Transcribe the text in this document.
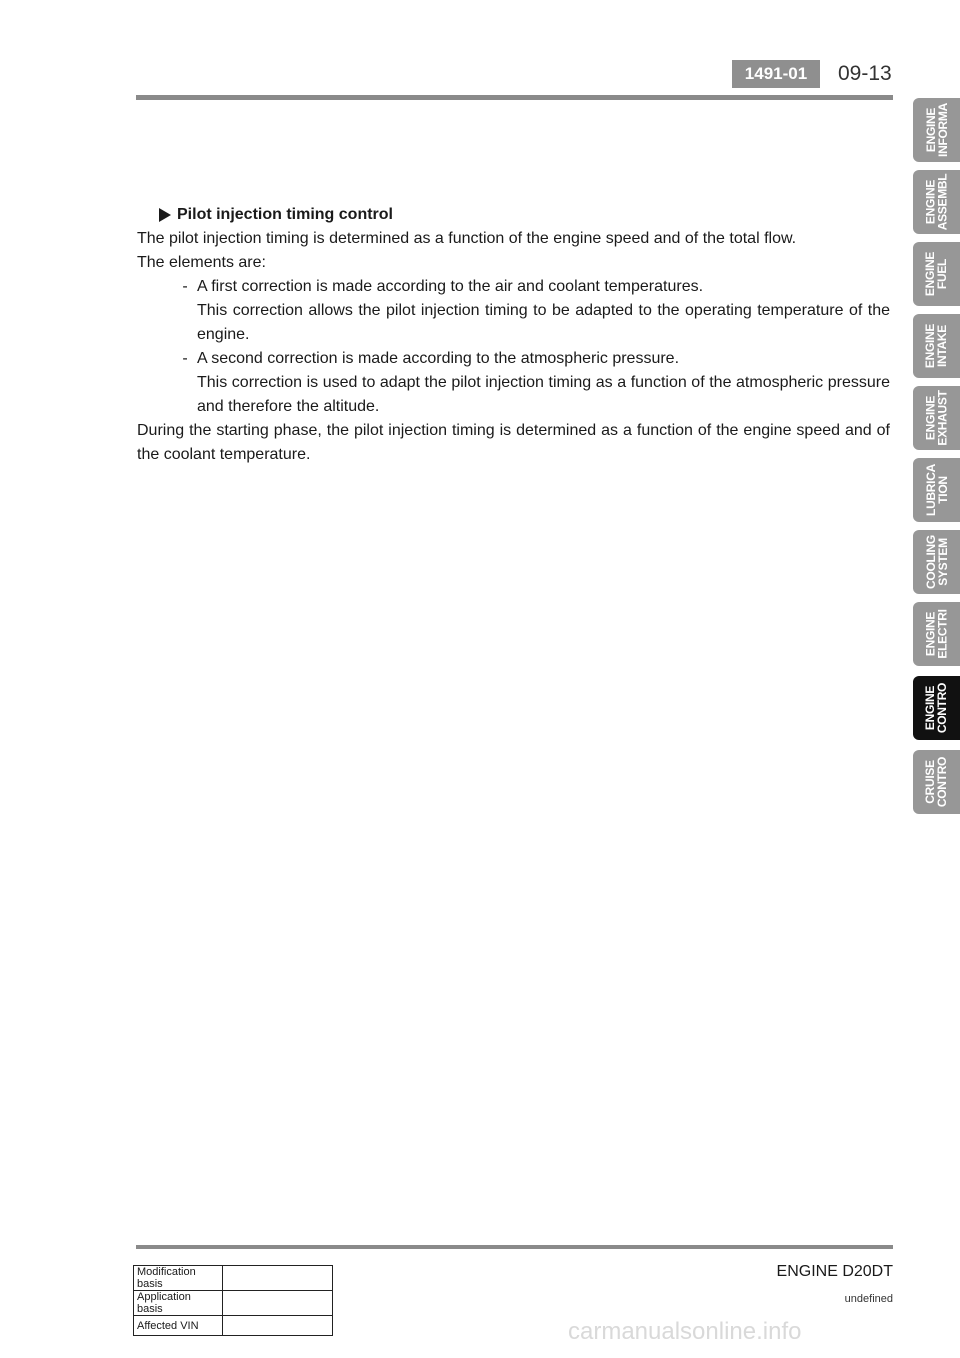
1491-01	09-13
Pilot injection timing control
The pilot injection timing is determined as a function of the engine speed and of the total flow.
The elements are:
- A first correction is made according to the air and coolant temperatures.
This correction allows the pilot injection timing to be adapted to the operating temperature of the engine.
- A second correction is made according to the atmospheric pressure.
This correction is used to adapt the pilot injection timing as a function of the atmospheric pressure and therefore the altitude.
During the starting phase, the pilot injection timing is determined as a function of the engine speed and of the coolant temperature.
ENGINE
INFORMA
ENGINE
ASSEMBL
ENGINE
FUEL
ENGINE
INTAKE
ENGINE
EXHAUST
LUBRICA
TION
COOLING
SYSTEM
ENGINE
ELECTRI
ENGINE
CONTRO
CRUISE
CONTRO
ENGINE D20DT
undefined
Modification basis	
Application basis	
Affected VIN		carmanualsonline.info
